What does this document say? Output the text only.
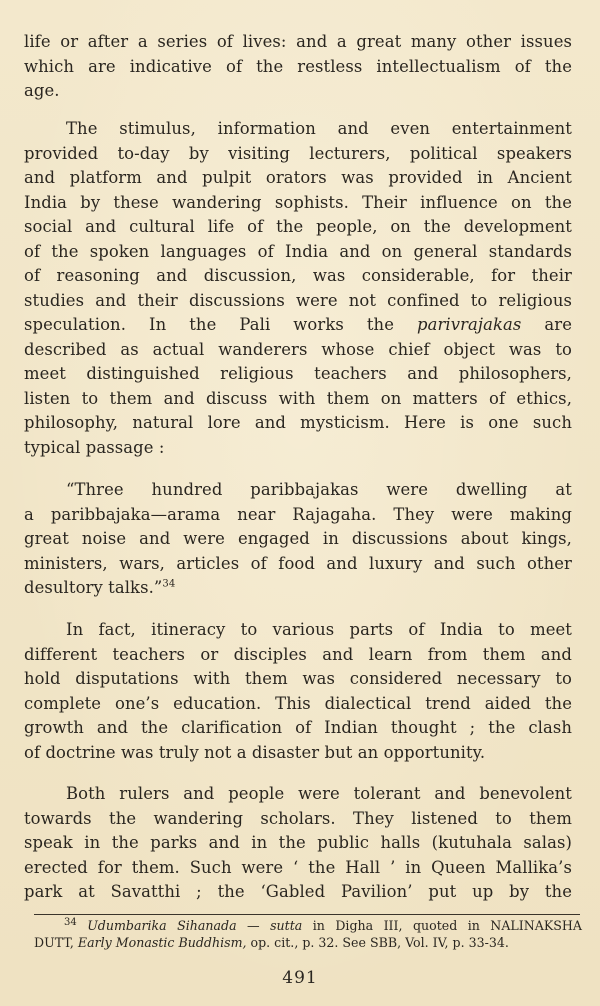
life or after a series of lives: and a great many other issues
which are indicative of the restless intellectualism of the
age.
The stimulus, information and even entertainment
provided to-day by visiting lecturers, political speakers
and platform and pulpit orators was provided in Ancient
India by these wandering sophists. Their influence on the
social and cultural life of the people, on the development
of the spoken languages of India and on general standards
of reasoning and discussion, was considerable, for their
studies and their discussions were not confined to religious
speculation. In the Pali works the parivrajakas are
described as actual wanderers whose chief object was to
meet distinguished religious teachers and philosophers,
listen to them and discuss with them on matters of ethics,
philosophy, natural lore and mysticism. Here is one such
typical passage :
“Three hundred paribbajakas were dwelling at
a paribbajaka—arama near Rajagaha. They were making
great noise and were engaged in discussions about kings,
ministers, wars, articles of food and luxury and such other
desultory talks.”$^{34}$
In fact, itineracy to various parts of India to meet
different teachers or disciples and learn from them and
hold disputations with them was considered necessary to
complete one’s education. This dialectical trend aided the
growth and the clarification of Indian thought ; the clash
of doctrine was truly not a disaster but an opportunity.
Both rulers and people were tolerant and benevolent
towards the wandering scholars. They listened to them
speak in the parks and in the public halls (kutuhala salas)
erected for them. Such were ‘ the Hall ’ in Queen Mallika’s
park at Savatthi ; the ‘Gabled Pavilion’ put up by the
$^{34}$ Udumbarika Sihanada — sutta in Digha III, quoted in NALINAKSHA
DUTT, Early Monastic Buddhism, op. cit., p. 32. See SBB, Vol. IV, p. 33-34.
491
